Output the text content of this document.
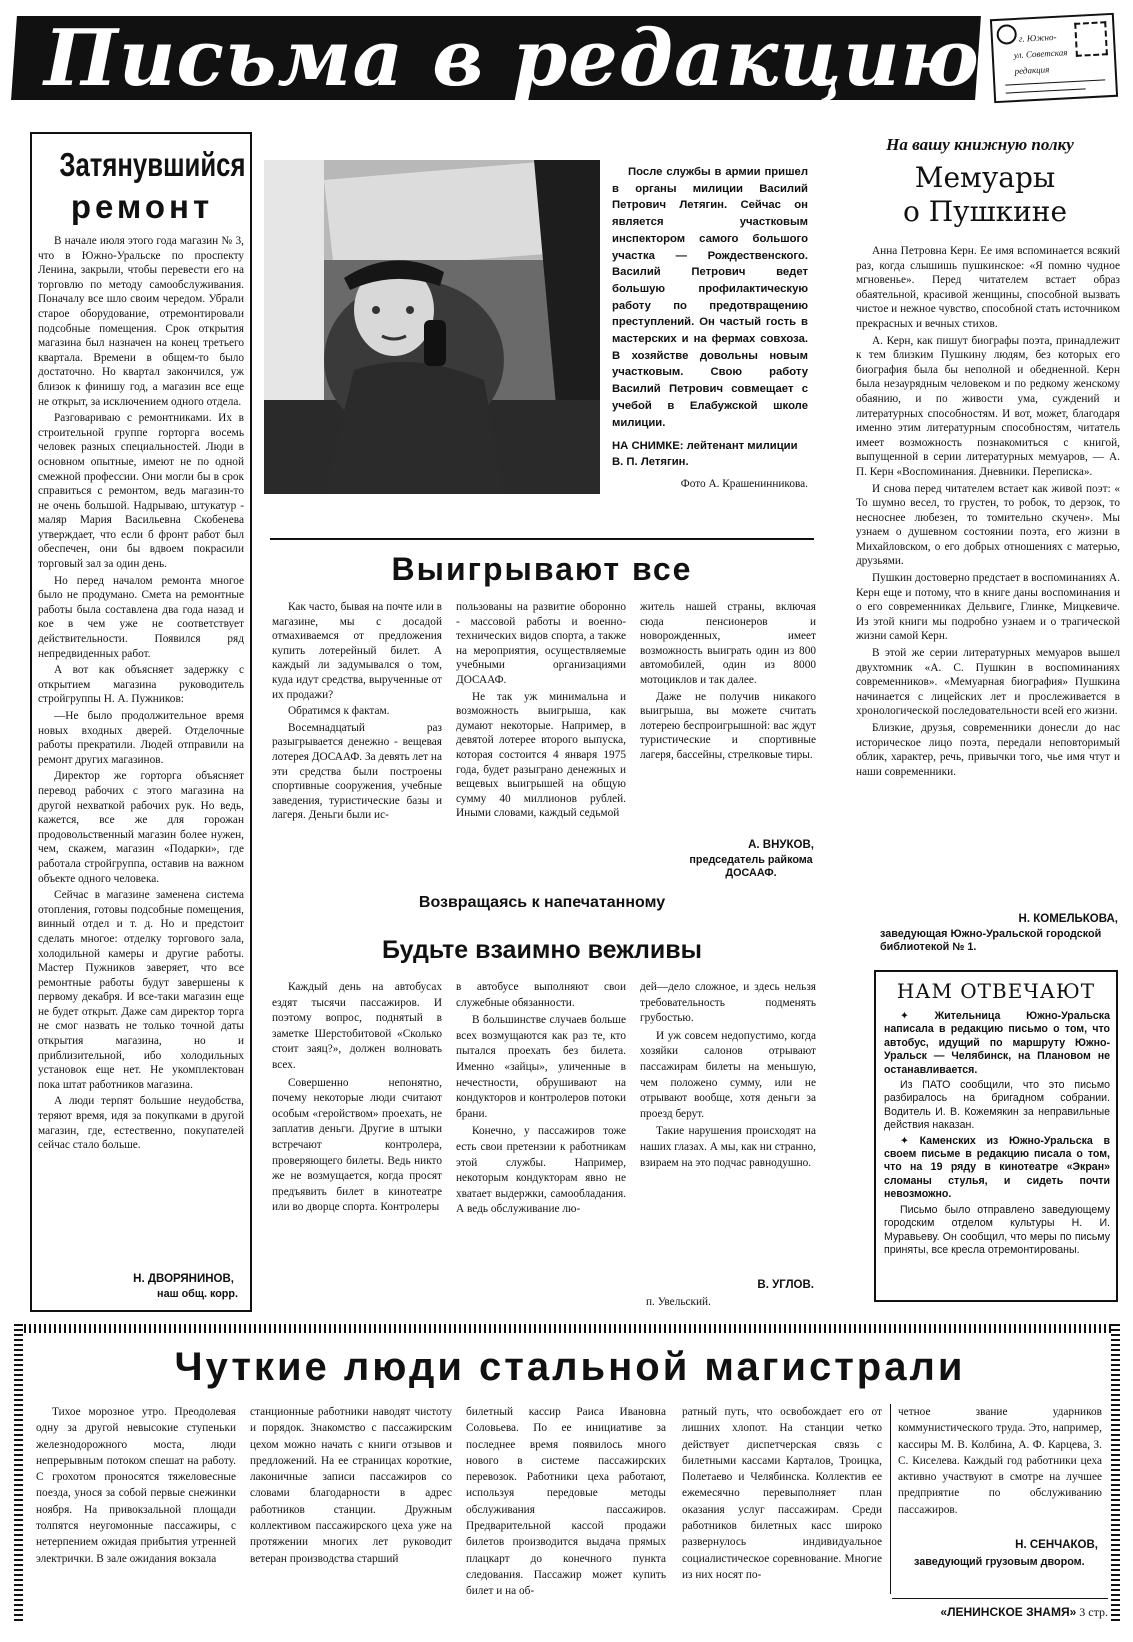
Письма в редакцию	г. Южно-
ул. Советская
редакция
Затянувшийся
ремонт

В начале июля этого года магазин № 3, что в Южно-Уральске по проспекту Ленина, закрыли, чтобы перевести его на торговлю по методу самообслуживания. Поначалу все шло своим чередом. Убрали старое оборудование, отремонтировали подсобные помещения. Срок открытия магазина был назначен на конец третьего квартала. Времени в общем-то было достаточно. Но квартал закончился, уж близок к финишу год, а магазин все еще не открыт, за исключением одного отдела.

Разговариваю с ремонтниками. Их в строительной группе горторга восемь человек разных специальностей. Люди в основном опытные, имеют не по одной смежной профессии. Они могли бы в срок справиться с ремонтом, ведь магазин-то не очень большой. Надрываю, штукатур - маляр Мария Васильевна Скобенева утверждает, что если б фронт работ был обеспечен, они бы вдвоем покрасили торговый зал за один день.

Но перед началом ремонта многое было не продумано. Смета на ремонтные работы была составлена два года назад и кое в чем уже не соответствует действительности. Появился ряд непредвиденных работ.

А вот как объясняет задержку с открытием магазина руководитель стройгруппы Н. А. Пужников:

—Не было продолжительное время новых входных дверей. Отделочные работы прекратили. Людей отправили на ремонт других магазинов.

Директор же горторга объясняет перевод рабочих с этого магазина на другой нехваткой рабочих рук. Но ведь, кажется, все же для горожан продовольственный магазин более нужен, чем, скажем, магазин «Подарки», где работала стройгруппа, оставив на важном объекте одного человека.

Сейчас в магазине заменена система отопления, готовы подсобные помещения, винный отдел и т. д. Но и предстоит сделать многое: отделку торгового зала, холодильной камеры и другие работы. Мастер Пужников заверяет, что все ремонтные работы будут завершены к первому декабря. И все-таки магазин еще не будет открыт. Даже сам директор торга не смог назвать не только точной даты открытия магазина, но и приблизительной, ибо холодильных установок еще нет. Не укомплектован пока штат работников магазина.

А люди терпят большие неудобства, теряют время, идя за покупками в другой магазин, где, естественно, покупателей сейчас стало больше.

Н. ДВОРЯНИНОВ,
наш общ. корр.

После службы в армии пришел в органы милиции Василий Петрович Летягин. Сейчас он является участковым инспектором самого большого участка — Рождественского. Василий Петрович ведет большую профилактическую работу по предотвращению преступлений. Он частый гость в мастерских и на фермах совхоза. В хозяйстве довольны новым участковым. Свою работу Василий Петрович совмещает с учебой в Елабужской школе милиции.

НА СНИМКЕ: лейтенант милиции В. П. Летягин.
Фото А. Крашенинникова.
Выигрывают все

Как часто, бывая на почте или в магазине, мы с досадой отмахиваемся от предложения купить лотерейный билет. А каждый ли задумывался о том, куда идут средства, вырученные от их продажи?

Обратимся к фактам.

Восемнадцатый раз разыгрывается денежно - вещевая лотерея ДОСААФ. За девять лет на эти средства были построены спортивные сооружения, учебные заведения, туристические базы и лагеря. Деньги были ис-

пользованы на развитие оборонно - массовой работы и военно-технических видов спорта, а также на мероприятия, осуществляемые учебными организациями ДОСААФ.

Не так уж минимальна и возможность выигрыша, как думают некоторые. Например, в девятой лотерее второго выпуска, которая состоится 4 января 1975 года, будет разыграно денежных и вещевых выигрышей на общую сумму 40 миллионов рублей. Иными словами, каждый седьмой

житель нашей страны, включая сюда пенсионеров и новорожденных, имеет возможность выиграть один из 800 автомобилей, один из 8000 мотоциклов и так далее.

Даже не получив никакого выигрыша, вы можете считать лотерею беспроигрышной: вас ждут туристические и спортивные лагеря, бассейны, стрелковые тиры.

А. ВНУКОВ,
председатель райкома ДОСААФ.
Возвращаясь к напечатанному
Будьте взаимно вежливы

Каждый день на автобусах ездят тысячи пассажиров. И поэтому вопрос, поднятый в заметке Шерстобитовой «Сколько стоит заяц?», должен волновать всех.

Совершенно непонятно, почему некоторые люди считают особым «геройством» проехать, не заплатив деньги. Другие в штыки встречают контролера, проверяющего билеты. Ведь никто же не возмущается, когда просят предъявить билет в кинотеатре или во дворце спорта. Контролеры

в автобусе выполняют свои служебные обязанности.

В большинстве случаев больше всех возмущаются как раз те, кто пытался проехать без билета. Именно «зайцы», уличенные в нечестности, обрушивают на кондукторов и контролеров потоки брани.

Конечно, у пассажиров тоже есть свои претензии к работникам этой службы. Например, некоторым кондукторам явно не хватает выдержки, самообладания. А ведь обслуживание лю-

дей—дело сложное, и здесь нельзя требовательность подменять грубостью.

И уж совсем недопустимо, когда хозяйки салонов отрывают пассажирам билеты на меньшую, чем положено сумму, или не отрывают вообще, хотя деньги за проезд берут.

Такие нарушения происходят на наших глазах. А мы, как ни странно, взираем на это подчас равнодушно.

В. УГЛОВ.
п. Увельский.
На вашу книжную полку
Мемуары
о Пушкине

Анна Петровна Керн. Ее имя вспоминается всякий раз, когда слышишь пушкинское: «Я помню чудное мгновенье». Перед читателем встает образ обаятельной, красивой женщины, способной вызвать чистое и нежное чувство, способной стать источником прекрасных и вечных стихов.

А. Керн, как пишут биографы поэта, принадлежит к тем близким Пушкину людям, без которых его биография была бы неполной и обедненной. Керн была незаурядным человеком и по редкому женскому обаянию, и по живости ума, суждений и литературных способностям. И вот, может, благодаря именно этим литературным способностям, читатель имеет возможность познакомиться с книгой, выпущенной в серии литературных мемуаров, — А. П. Керн «Воспоминания. Дневники. Переписка».

И снова перед читателем встает как живой поэт: « То шумно весел, то грустен, то робок, то дерзок, то несноснее любезен, то томительно скучен». Мы узнаем о душевном состоянии поэта, его жизни в Михайловском, о его добрых отношениях с матерью, друзьями.

Пушкин достоверно предстает в воспоминаниях А. Керн еще и потому, что в книге даны воспоминания и о его современниках Дельвиге, Глинке, Мицкевиче. Из этой книги мы подробно узнаем и о трагической жизни самой Керн.

В этой же серии литературных мемуаров вышел двухтомник «А. С. Пушкин в воспоминаниях современников». «Мемуарная биография» Пушкина начинается с лицейских лет и прослеживается в хронологической последовательности всей его жизни.

Близкие, друзья, современники донесли до нас историческое лицо поэта, передали неповторимый облик, характер, речь, привычки того, чье имя чтут и наши современники.

Н. КОМЕЛЬКОВА,
заведующая Южно-Уральской городской библиотекой № 1.
НАМ ОТВЕЧАЮТ

✦ Жительница Южно-Уральска написала в редакцию письмо о том, что автобус, идущий по маршруту Южно-Уральск — Челябинск, на Плановом не останавливается.

Из ПАТО сообщили, что это письмо разбиралось на бригадном собрании. Водитель И. В. Кожемякин за неправильные действия наказан.

✦ Каменских из Южно-Уральска в своем письме в редакцию писала о том, что на 19 ряду в кинотеатре «Экран» сломаны стулья, и сидеть почти невозможно.

Письмо было отправлено заведующему городским отделом культуры Н. И. Муравьеву. Он сообщил, что меры по письму приняты, все кресла отремонтированы.

Чуткие люди стальной магистрали

Тихое морозное утро. Преодолевая одну за другой невысокие ступеньки железнодорожного моста, люди непрерывным потоком спешат на работу. С грохотом проносятся тяжеловесные поезда, унося за собой первые снежинки ноября. На привокзальной площади толпятся неугомонные пассажиры, с нетерпением ожидая прибытия утренней электрички. В зале ожидания вокзала

станционные работники наводят чистоту и порядок. Знакомство с пассажирским цехом можно начать с книги отзывов и предложений. На ее страницах короткие, лаконичные записи пассажиров со словами благодарности в адрес работников станции. Дружным коллективом пассажирского цеха уже на протяжении многих лет руководит ветеран производства старший

билетный кассир Раиса Ивановна Соловьева. По ее инициативе за последнее время появилось много нового в системе пассажирских перевозок. Работники цеха работают, используя передовые методы обслуживания пассажиров. Предварительной кассой продажи билетов производится выдача прямых плацкарт до конечного пункта следования. Пассажир может купить билет и на об-

ратный путь, что освобождает его от лишних хлопот. На станции четко действует диспетчерская связь с билетными кассами Карталов, Троицка, Полетаево и Челябинска. Коллектив ее ежемесячно перевыполняет план оказания услуг пассажирам. Среди работников билетных касс широко развернулось индивидуальное социалистическое соревнование. Многие из них носят по-

четное звание ударников коммунистического труда. Это, например, кассиры М. В. Колбина, А. Ф. Карцева, З. С. Киселева. Каждый год работники цеха активно участвуют в смотре на лучшее предприятие по обслуживанию пассажиров.

Н. СЕНЧАКОВ,
заведующий грузовым двором.
«ЛЕНИНСКОЕ ЗНАМЯ» 3 стр.
